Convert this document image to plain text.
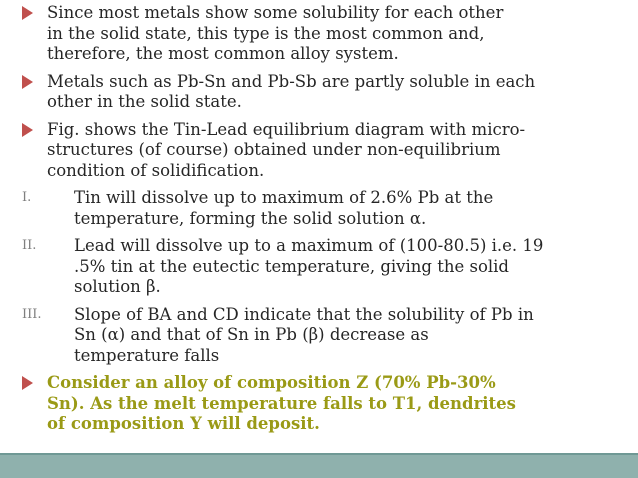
Since most metals show some solubility for each other in the solid state, this type is the most common and, therefore, the most common alloy system.
Metals such as Pb-Sn and Pb-Sb are partly soluble in each other in the solid state.
Fig. shows the Tin-Lead equilibrium diagram with micro-structures (of course) obtained under non-equilibrium condition of solidification.
I.	Tin will dissolve up to maximum of 2.6% Pb at the temperature, forming the solid solution α.
II.	Lead will dissolve up to a maximum of (100-80.5) i.e. 19 .5% tin at the eutectic temperature, giving the solid solution β.
III.	Slope of BA and CD indicate that the solubility of Pb in Sn (α) and that of Sn in Pb (β) decrease as temperature falls
Consider an alloy of composition Z (70% Pb-30% Sn). As the melt temperature falls to T1, dendrites of composition Y will deposit.
